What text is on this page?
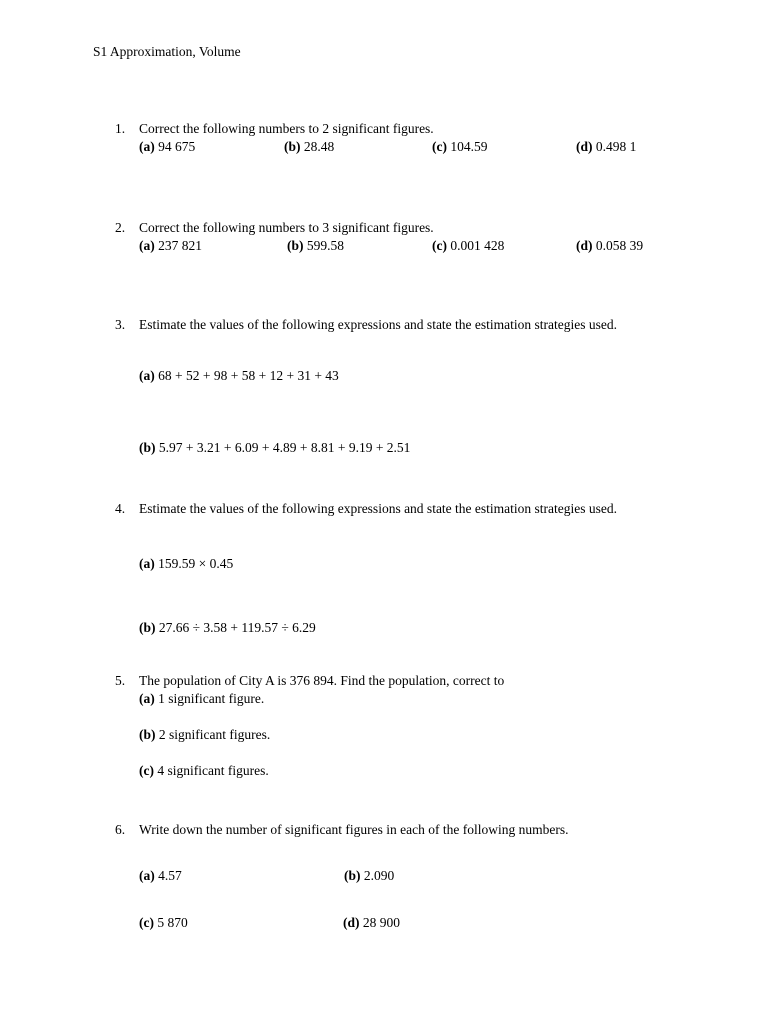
S1 Approximation, Volume
1. Correct the following numbers to 2 significant figures.
(a) 94 675	(b) 28.48	(c) 104.59	(d) 0.498 1
2. Correct the following numbers to 3 significant figures.
(a) 237 821	(b) 599.58	(c) 0.001 428	(d) 0.058 39
3. Estimate the values of the following expressions and state the estimation strategies used.
(a) 68 + 52 + 98 + 58 + 12 + 31 + 43
(b) 5.97 + 3.21 + 6.09 + 4.89 + 8.81 + 9.19 + 2.51
4. Estimate the values of the following expressions and state the estimation strategies used.
(a) 159.59 × 0.45
(b) 27.66 ÷ 3.58 + 119.57 ÷ 6.29
5. The population of City A is 376 894. Find the population, correct to
(a) 1 significant figure.
(b) 2 significant figures.
(c) 4 significant figures.
6. Write down the number of significant figures in each of the following numbers.
(a) 4.57	(b) 2.090
(c) 5 870	(d) 28 900
